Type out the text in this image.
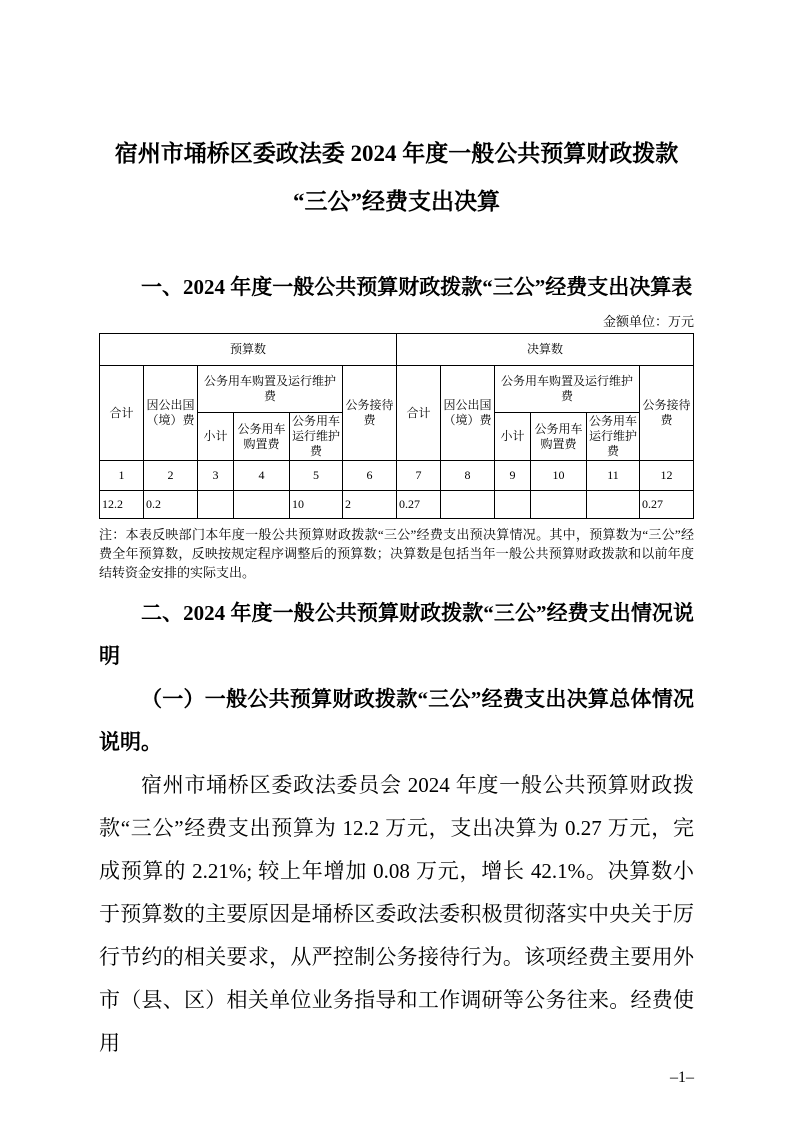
宿州市埇桥区委政法委 2024 年度一般公共预算财政拨款
“三公”经费支出决算
一、2024 年度一般公共预算财政拨款“三公”经费支出决算表
金额单位：万元
预算数						决算数					
合计	因公出国（境）费	公务用车购置及运行维护费			公务接待费	合计	因公出国（境）费	公务用车购置及运行维护费			公务接待费
		小计	公务用车购置费	公务用车运行维护费				小计	公务用车购置费	公务用车运行维护费	
1	2	3	4	5	6	7	8	9	10	11	12
12.2	0.2			10	2	0.27					0.27
注：本表反映部门本年度一般公共预算财政拨款“三公”经费支出预决算情况。其中，预算数为“三公”经费全年预算数，反映按规定程序调整后的预算数；决算数是包括当年一般公共预算财政拨款和以前年度结转资金安排的实际支出。
二、2024 年度一般公共预算财政拨款“三公”经费支出情况说明
（一）一般公共预算财政拨款“三公”经费支出决算总体情况说明。
宿州市埇桥区委政法委员会 2024 年度一般公共预算财政拨款“三公”经费支出预算为 12.2 万元，支出决算为 0.27 万元，完成预算的 2.21%; 较上年增加 0.08 万元，增长 42.1%。决算数小于预算数的主要原因是埇桥区委政法委积极贯彻落实中央关于厉行节约的相关要求，从严控制公务接待行为。该项经费主要用外市（县、区）相关单位业务指导和工作调研等公务往来。经费使用
–1–
